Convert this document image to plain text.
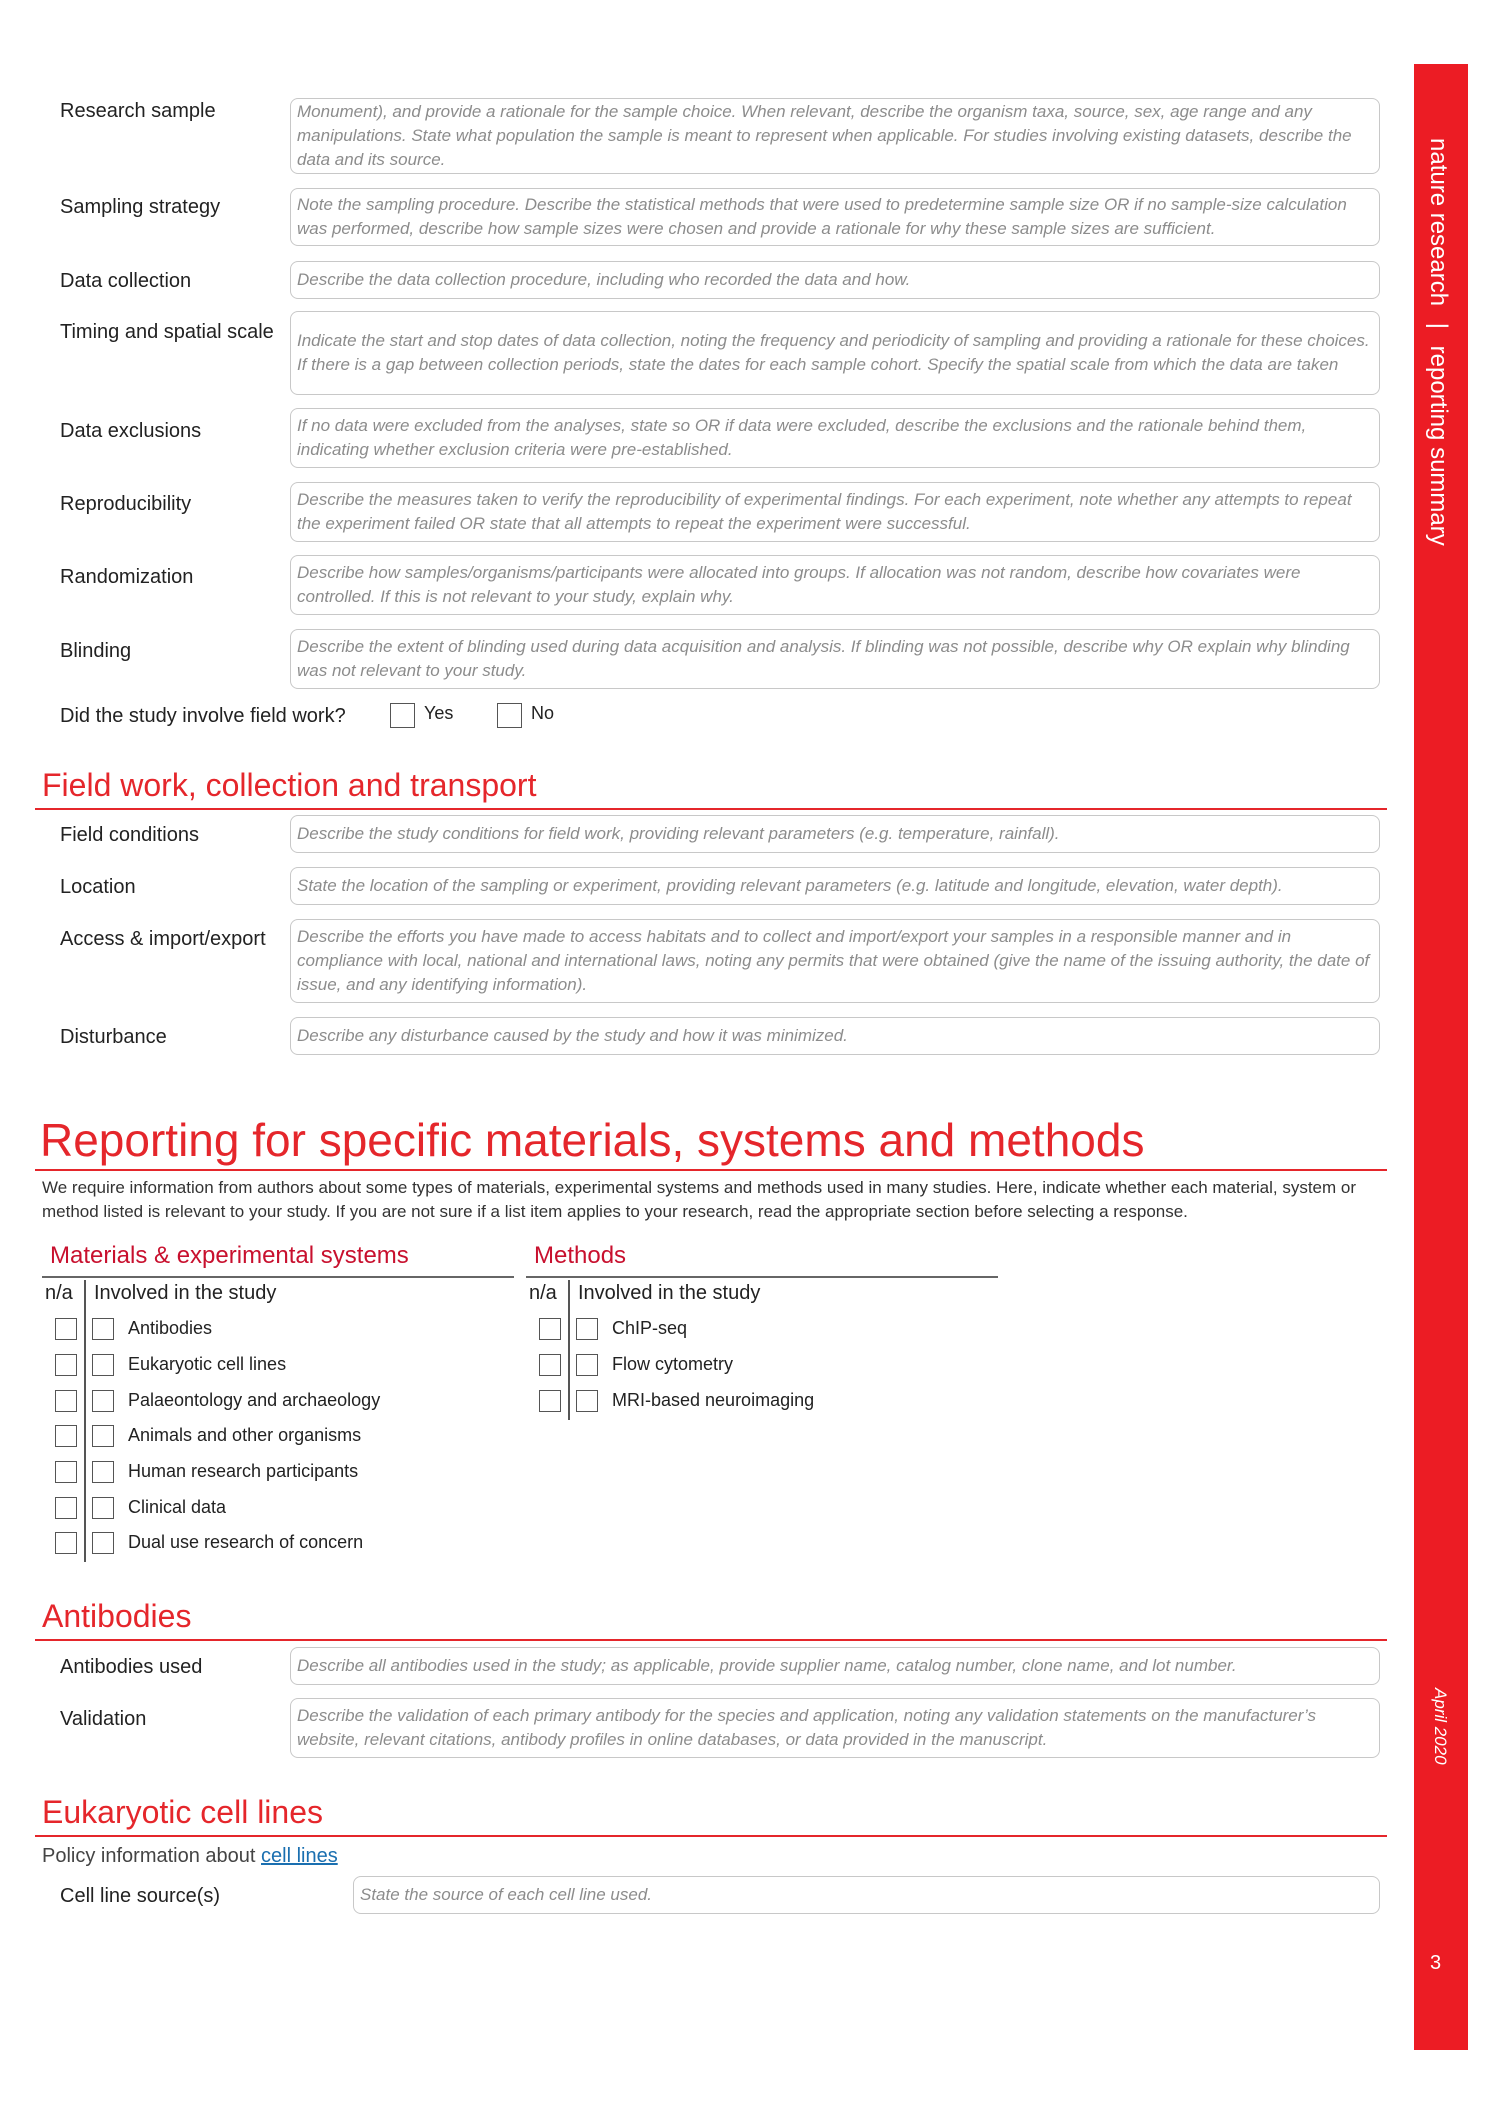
nature research | reporting summary
April 2020
3
Research sample	Monument), and provide a rationale for the sample choice. When relevant, describe the organism taxa, source, sex, age range and any manipulations. State what population the sample is meant to represent when applicable. For studies involving existing datasets, describe the data and its source.
Sampling strategy	Note the sampling procedure. Describe the statistical methods that were used to predetermine sample size OR if no sample-size calculation was performed, describe how sample sizes were chosen and provide a rationale for why these sample sizes are sufficient.
Data collection	Describe the data collection procedure, including who recorded the data and how.
Timing and spatial scale	Indicate the start and stop dates of data collection, noting the frequency and periodicity of sampling and providing a rationale for these choices. If there is a gap between collection periods, state the dates for each sample cohort. Specify the spatial scale from which the data are taken
Data exclusions	If no data were excluded from the analyses, state so OR if data were excluded, describe the exclusions and the rationale behind them, indicating whether exclusion criteria were pre-established.
Reproducibility	Describe the measures taken to verify the reproducibility of experimental findings. For each experiment, note whether any attempts to repeat the experiment failed OR state that all attempts to repeat the experiment were successful.
Randomization	Describe how samples/organisms/participants were allocated into groups. If allocation was not random, describe how covariates were controlled. If this is not relevant to your study, explain why.
Blinding	Describe the extent of blinding used during data acquisition and analysis. If blinding was not possible, describe why OR explain why blinding was not relevant to your study.
Did the study involve field work?	Yes	No
Field work, collection and transport
Field conditions	Describe the study conditions for field work, providing relevant parameters (e.g. temperature, rainfall).
Location	State the location of the sampling or experiment, providing relevant parameters (e.g. latitude and longitude, elevation, water depth).
Access & import/export	Describe the efforts you have made to access habitats and to collect and import/export your samples in a responsible manner and in compliance with local, national and international laws, noting any permits that were obtained (give the name of the issuing authority, the date of issue, and any identifying information).
Disturbance	Describe any disturbance caused by the study and how it was minimized.
Reporting for specific materials, systems and methods
We require information from authors about some types of materials, experimental systems and methods used in many studies. Here, indicate whether each material, system or method listed is relevant to your study. If you are not sure if a list item applies to your research, read the appropriate section before selecting a response.
Materials & experimental systems
n/a Involved in the study
Antibodies
Eukaryotic cell lines
Palaeontology and archaeology
Animals and other organisms
Human research participants
Clinical data
Dual use research of concern
Methods
n/a Involved in the study
ChIP-seq
Flow cytometry
MRI-based neuroimaging
Antibodies
Antibodies used	Describe all antibodies used in the study; as applicable, provide supplier name, catalog number, clone name, and lot number.
Validation	Describe the validation of each primary antibody for the species and application, noting any validation statements on the manufacturer’s website, relevant citations, antibody profiles in online databases, or data provided in the manuscript.
Eukaryotic cell lines
Policy information about cell lines
Cell line source(s)	State the source of each cell line used.
